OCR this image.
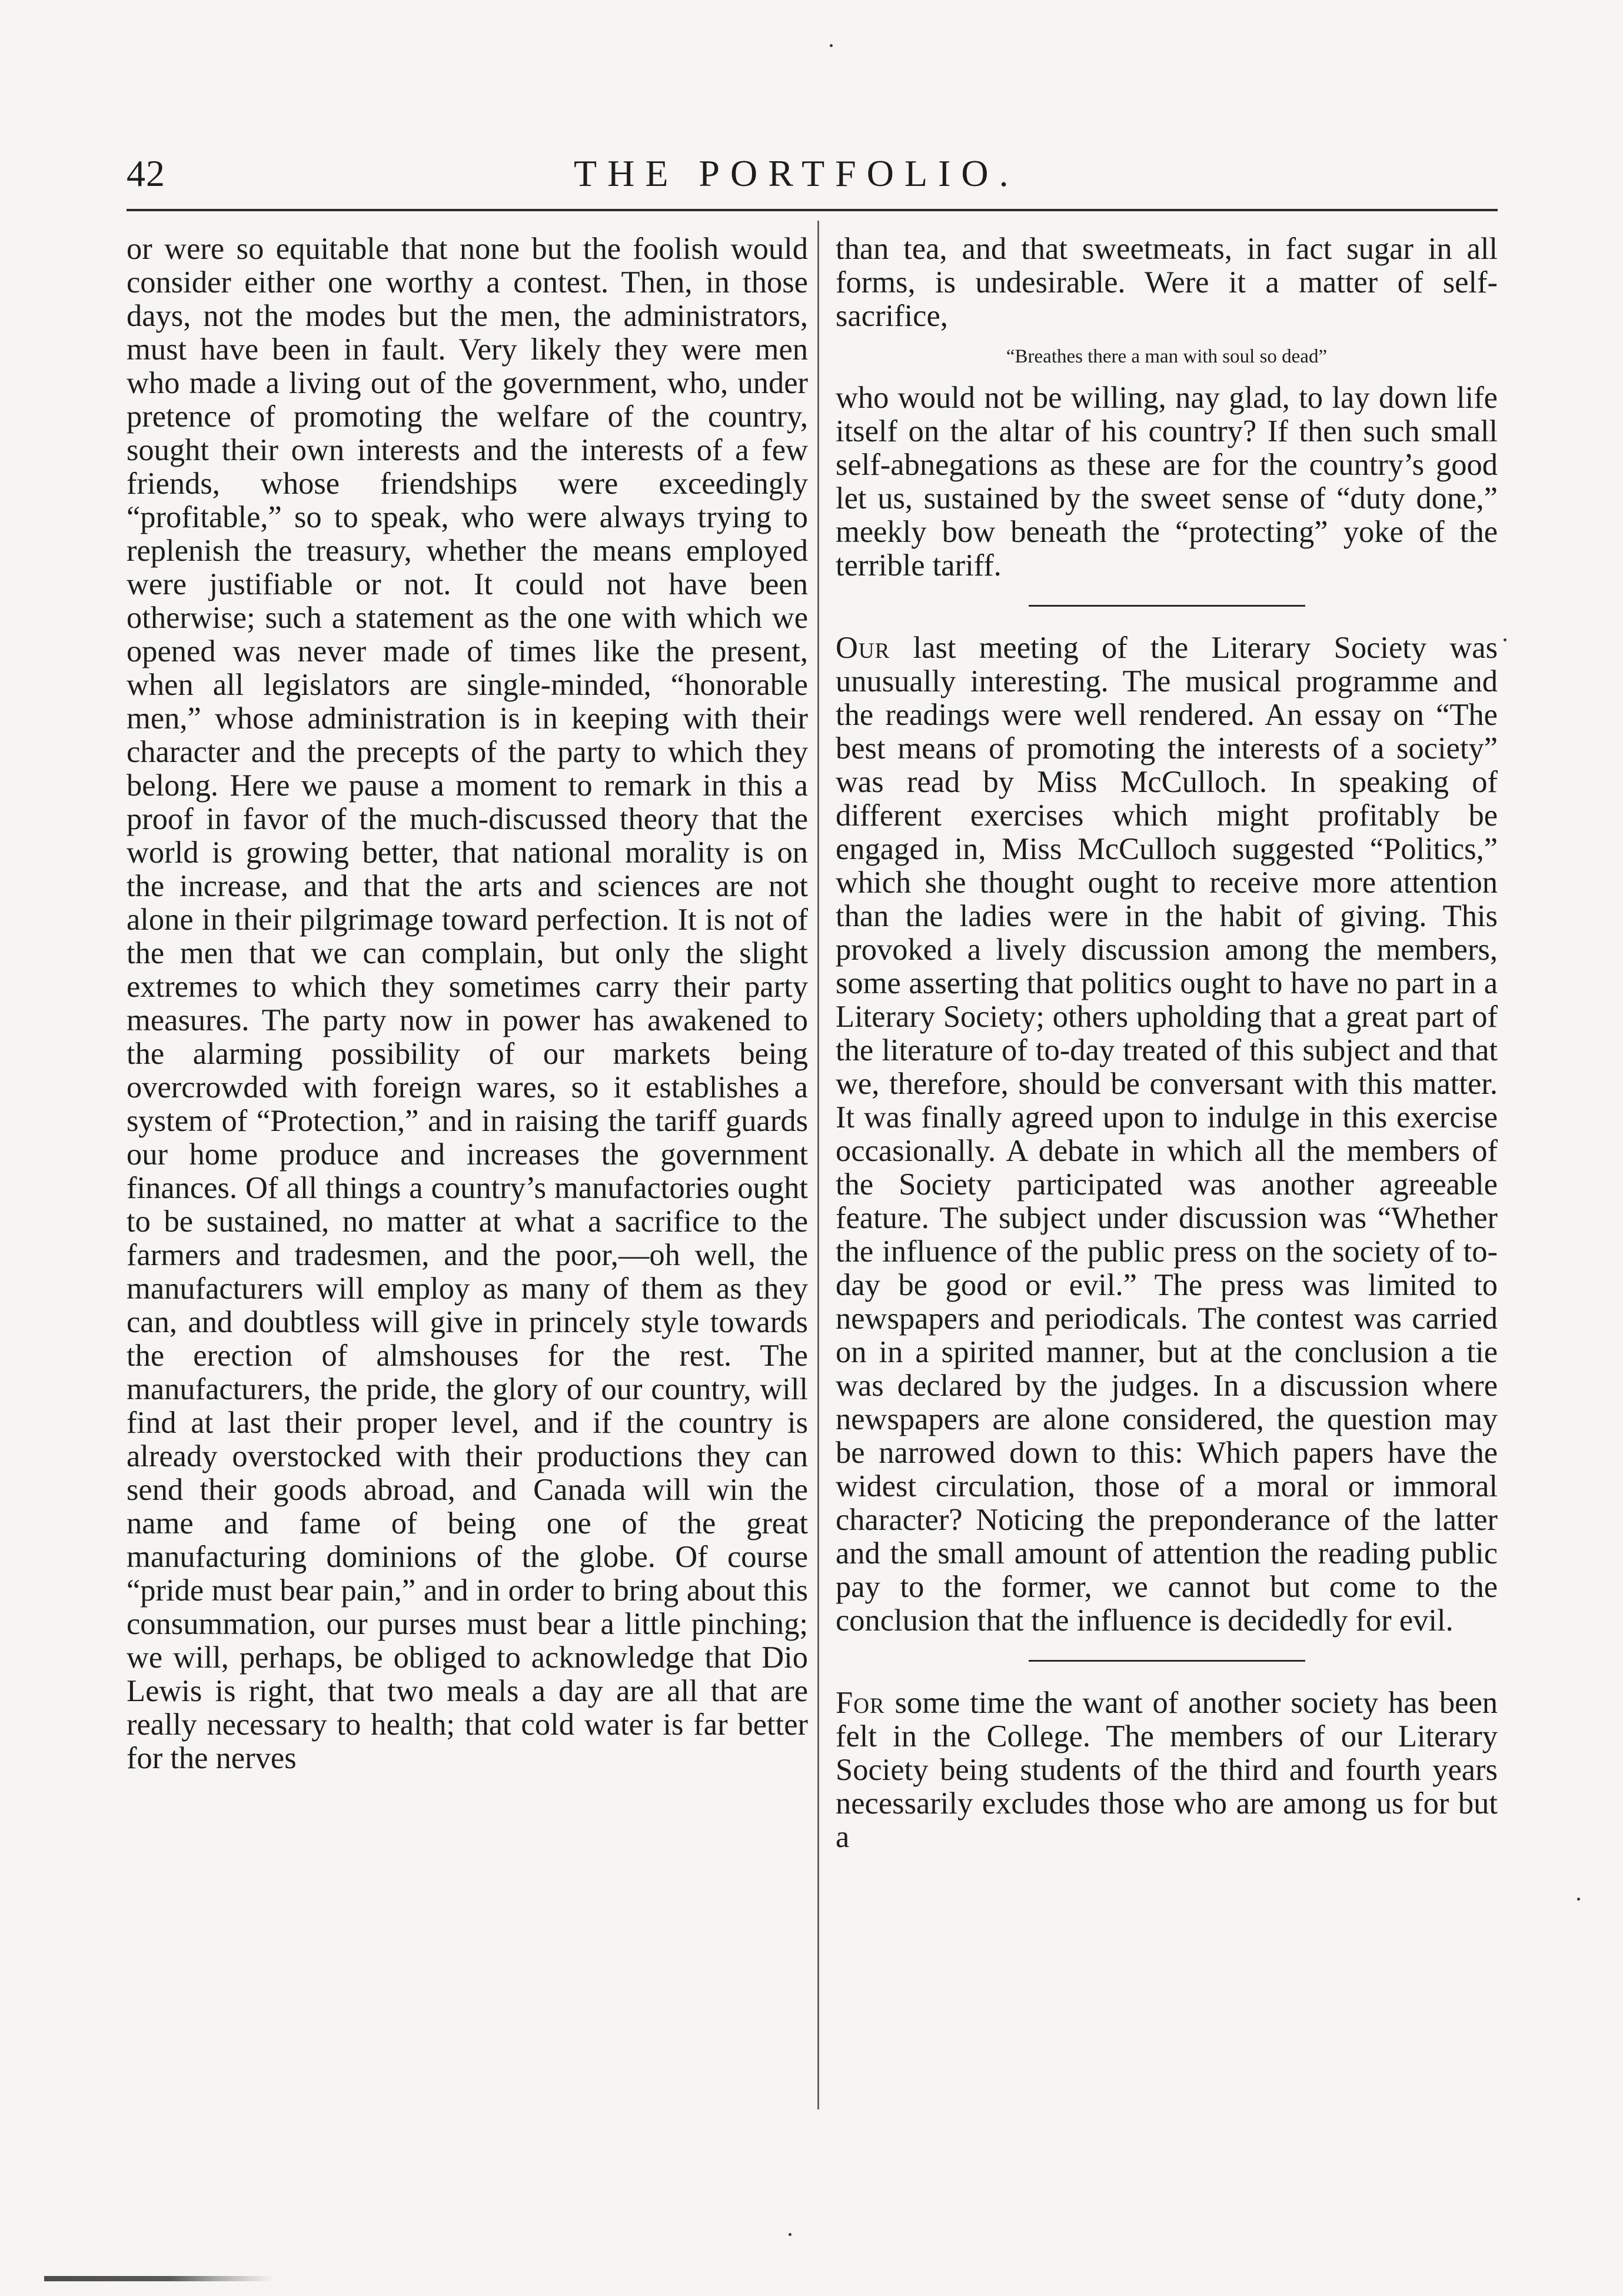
42	THE PORTFOLIO.

or were so equitable that none but the foolish would consider either one worthy a contest. Then, in those days, not the modes but the men, the administrators, must have been in fault. Very likely they were men who made a living out of the government, who, under pretence of promoting the welfare of the country, sought their own interests and the interests of a few friends, whose friendships were exceedingly “profitable,” so to speak, who were always trying to replenish the treasury, whether the means employed were justifiable or not. It could not have been otherwise; such a statement as the one with which we opened was never made of times like the present, when all legislators are single-minded, “honorable men,” whose administration is in keeping with their character and the precepts of the party to which they belong. Here we pause a moment to remark in this a proof in favor of the much-discussed theory that the world is growing better, that national morality is on the increase, and that the arts and sciences are not alone in their pilgrimage toward perfection. It is not of the men that we can complain, but only the slight extremes to which they sometimes carry their party measures. The party now in power has awakened to the alarming possibility of our markets being overcrowded with foreign wares, so it establishes a system of “Protection,” and in raising the tariff guards our home produce and increases the government finances. Of all things a country’s manufactories ought to be sustained, no matter at what a sacrifice to the farmers and tradesmen, and the poor,—oh well, the manufacturers will employ as many of them as they can, and doubtless will give in princely style towards the erection of almshouses for the rest. The manufacturers, the pride, the glory of our country, will find at last their proper level, and if the country is already overstocked with their productions they can send their goods abroad, and Canada will win the name and fame of being one of the great manufacturing dominions of the globe. Of course “pride must bear pain,” and in order to bring about this consummation, our purses must bear a little pinching; we will, perhaps, be obliged to acknowledge that Dio Lewis is right, that two meals a day are all that are really necessary to health; that cold water is far better for the nerves

than tea, and that sweetmeats, in fact sugar in all forms, is undesirable. Were it a matter of self-sacrifice,

“Breathes there a man with soul so dead”

who would not be willing, nay glad, to lay down life itself on the altar of his country? If then such small self-abnegations as these are for the country’s good let us, sustained by the sweet sense of “duty done,” meekly bow beneath the “protecting” yoke of the terrible tariff.

Our last meeting of the Literary Society was unusually interesting. The musical programme and the readings were well rendered. An essay on “The best means of promoting the interests of a society” was read by Miss McCulloch. In speaking of different exercises which might profitably be engaged in, Miss McCulloch suggested “Politics,” which she thought ought to receive more attention than the ladies were in the habit of giving. This provoked a lively discussion among the members, some asserting that politics ought to have no part in a Literary Society; others upholding that a great part of the literature of to-day treated of this subject and that we, therefore, should be conversant with this matter. It was finally agreed upon to indulge in this exercise occasionally. A debate in which all the members of the Society participated was another agreeable feature. The subject under discussion was “Whether the influence of the public press on the society of to-day be good or evil.” The press was limited to newspapers and periodicals. The contest was carried on in a spirited manner, but at the conclusion a tie was declared by the judges. In a discussion where newspapers are alone considered, the question may be narrowed down to this: Which papers have the widest circulation, those of a moral or immoral character? Noticing the preponderance of the latter and the small amount of attention the reading public pay to the former, we cannot but come to the conclusion that the influence is decidedly for evil.

For some time the want of another society has been felt in the College. The members of our Literary Society being students of the third and fourth years necessarily excludes those who are among us for but a
